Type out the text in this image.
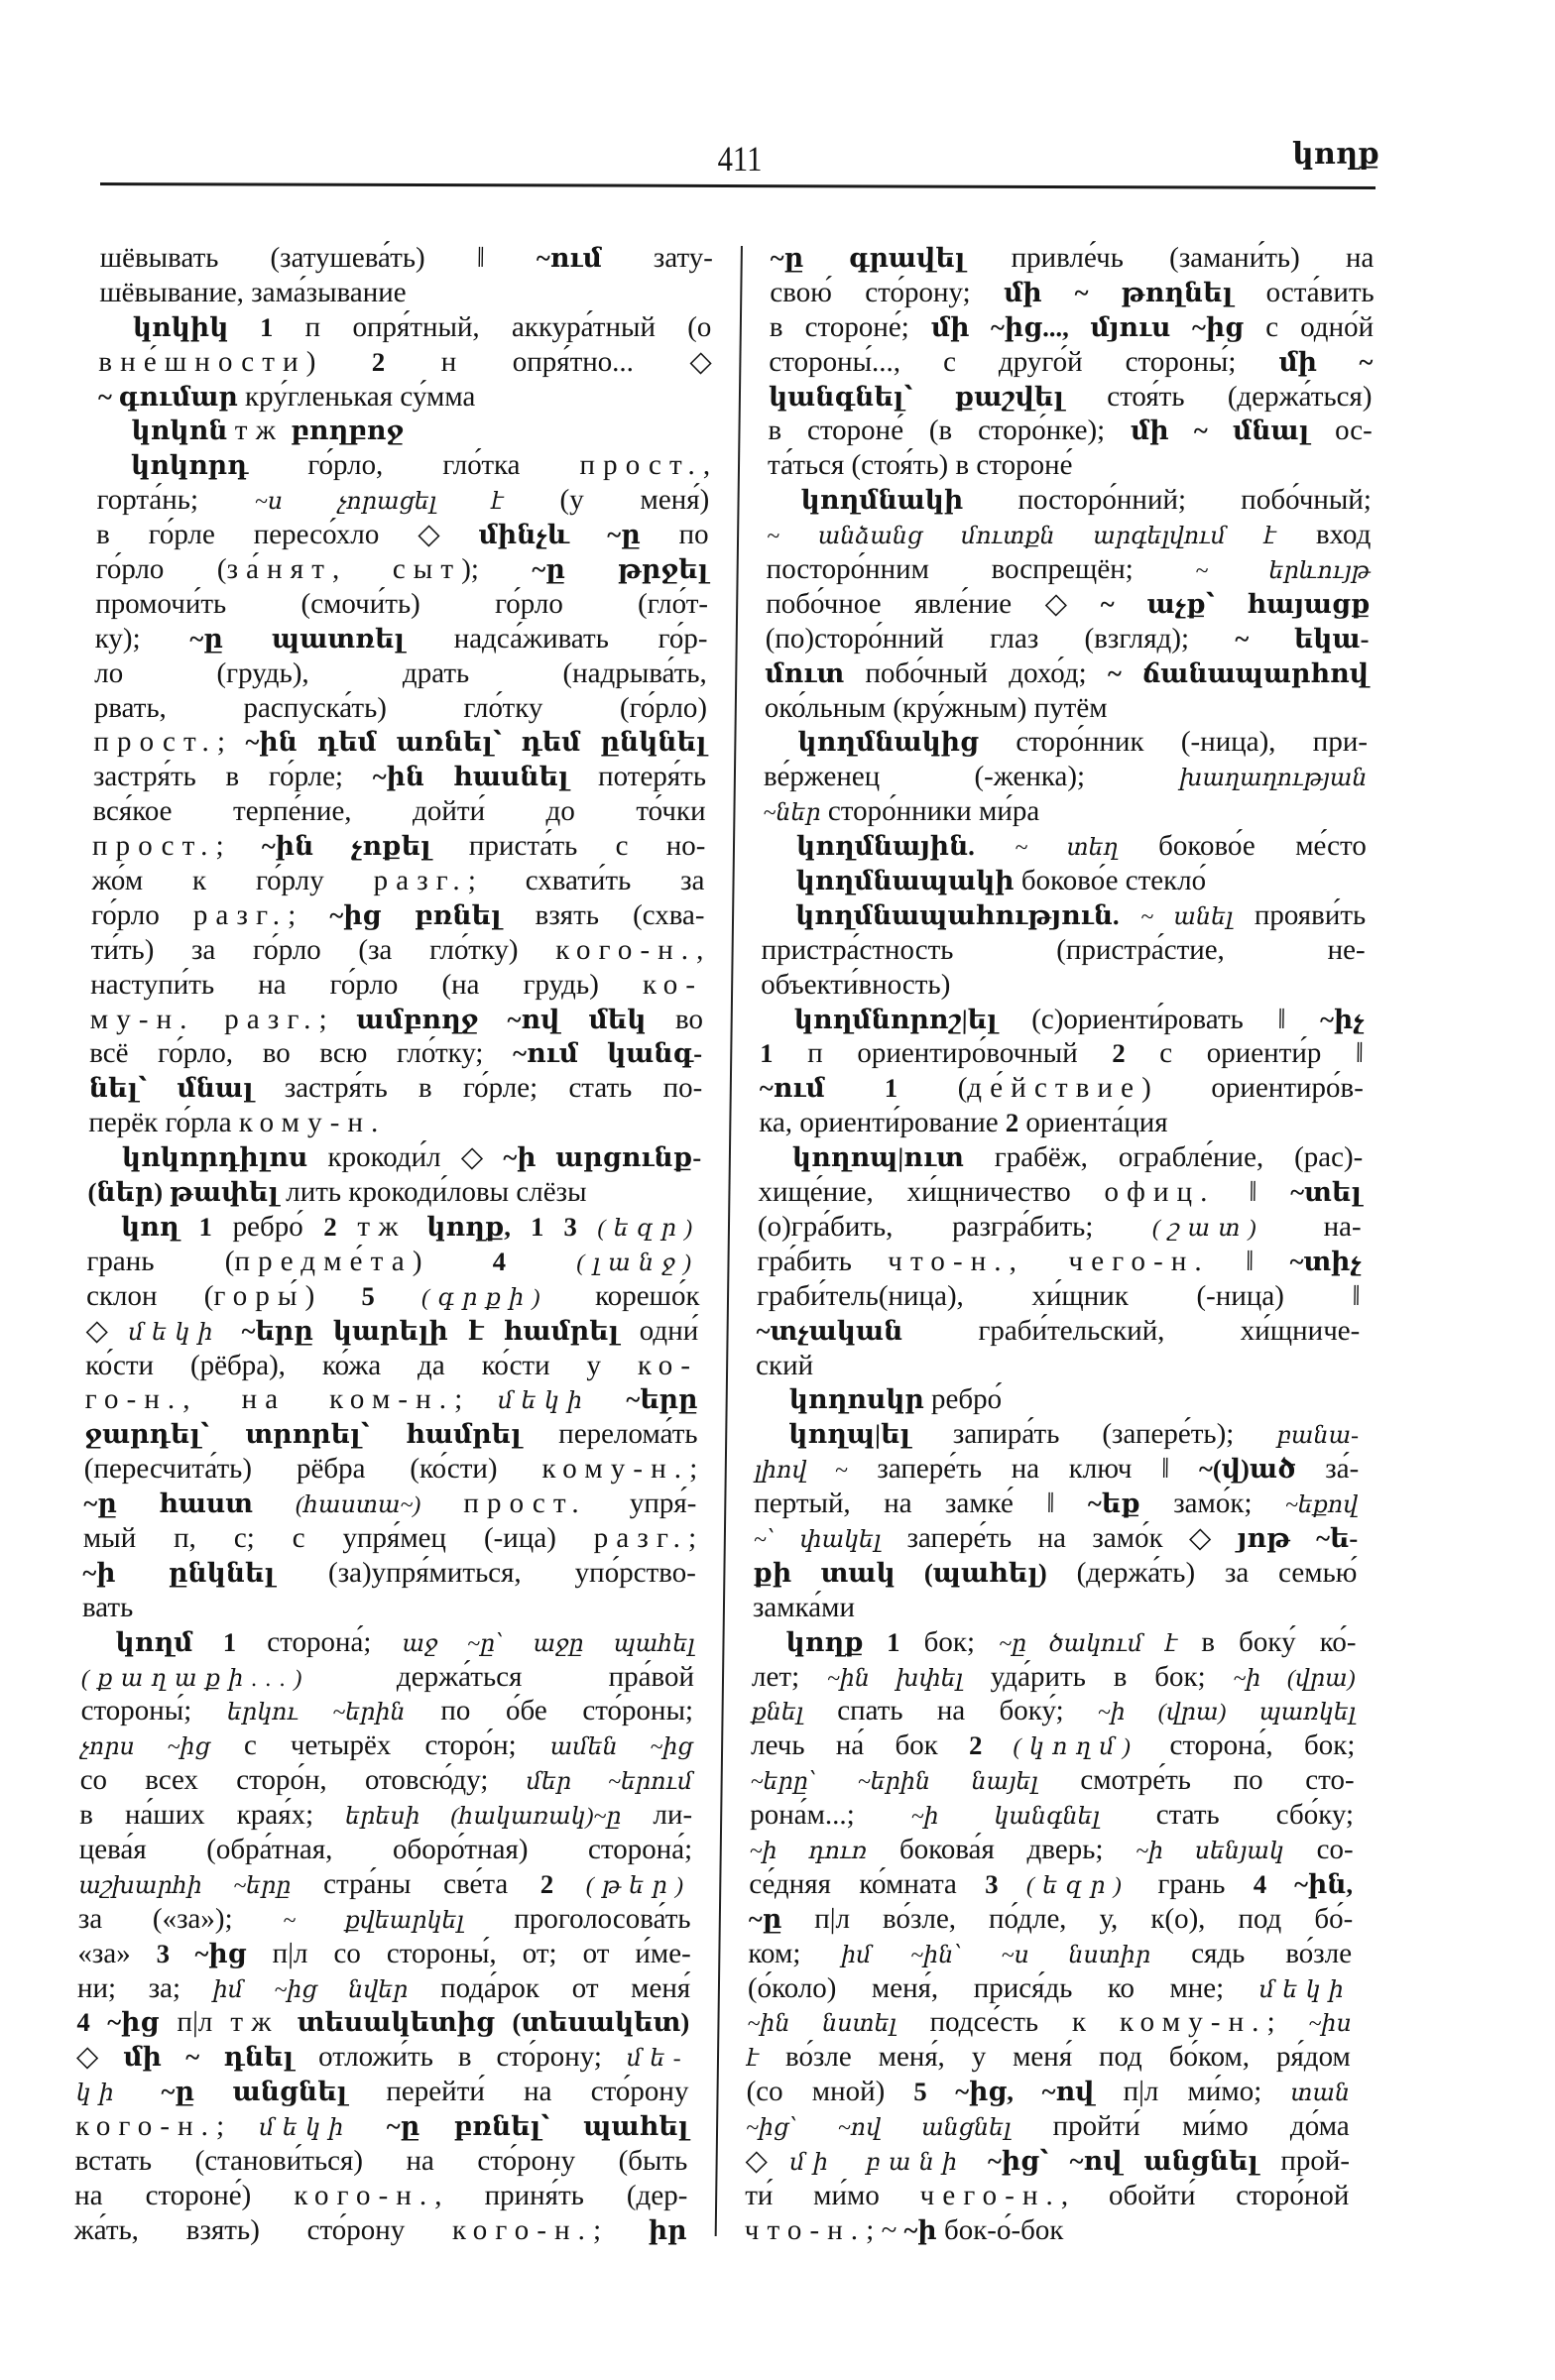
411	կողք
шёвывать (затушева́ть) ‖ ~ում зату-
шёвывание, зама́зывание
կոկիկ 1 п опря́тный, аккура́тный (о
вне́шности) 2 н опря́тно... ◇
~ գումար кру́гленькая су́мма
կոկոն тж բողբոջ
կոկորդ го́рло, гло́тка прост.,
горта́нь; ~ս չորացել է (у меня́)
в го́рле пересо́хло ◇ մինչև ~ը по
го́рло (за́нят, сыт); ~ը թրջել
промочи́ть (смочи́ть) го́рло (гло́т-
ку); ~ը պատռել надса́живать го́р-
ло (грудь), драть (надрыва́ть,
рвать, распуска́ть) гло́тку (го́рло)
прост.; ~ին դեմ առնել՝ դեմ ընկնել
застря́ть в го́рле; ~ին հասնել потеря́ть
вся́кое терпе́ние, дойти́ до то́чки
прост.; ~ին չոքել приста́ть с но-
жо́м к го́рлу разг.; схвати́ть за
го́рло разг.; ~ից բռնել взять (схва-
ти́ть) за го́рло (за гло́тку) кого-н.,
наступи́ть на го́рло (на грудь) ко-
му-н. разг.; ամբողջ ~ով մեկ во
всё го́рло, во всю гло́тку; ~ում կանգ-
նել՝ մնալ застря́ть в го́рле; стать по-
перёк го́рла кому-н.
կոկորդիլոս крокоди́л ◇ ~ի արցունք-
(ներ) թափել лить крокоди́ловы слёзы
կող 1 ребро́ 2 тж կողք, 1 3 (եզր)
грань (предме́та) 4	(լանջ)
склон (горы́) 5 (գրքի) корешо́к
◇ մեկի ~երը կարելի է համրել одни́
ко́сти (рёбра), ко́жа да ко́сти у ко-
го-н., на ком-н.; մեկի ~երը
ջարդել՝ տրորել՝ համրել перелома́ть
(пересчита́ть) рёбра (ко́сти) кому-н.;
~ը հաստ (հաստա~) прост. упря́-
мый п, с; с упря́мец (-ица) разг.;
~ի ընկնել (за)упря́миться, упо́рство-
вать
կողմ 1 сторона́; աջ ~ը՝ աջը պահել
(քաղաքի...) держа́ться пра́вой
стороны́; երկու ~երին по о́бе сто́роны;
չորս ~ից с четырёх сторо́н; ամեն ~ից
со всех сторо́н, отовсю́ду; մեր ~երում
в на́ших края́х; երեսի (հակառակ)~ը ли-
цева́я (обра́тная, оборо́тная) сторона́;
աշխարհի ~երը стра́ны све́та 2 (թեր)
за («за»); ~ քվեարկել проголосова́ть
«за» 3 ~ից п|л со стороны́, от; от и́ме-
ни; за; իմ ~ից նվեր пода́рок от меня́
4 ~ից п|л тж տեսակետից (տեսակետ)
◇ մի ~ դնել отложи́ть в сто́рону; մե-
կի ~ը անցնել перейти́ на сто́рону
кого-н.; մեկի ~ը բռնել՝ պահել
встать (станови́ться) на сто́рону (быть
на стороне́) кого-н., приня́ть (дер-
жа́ть, взять) сто́рону кого-н.; իր
~ը գրավել привле́чь (замани́ть) на
свою́ сто́рону; մի ~ թողնել оста́вить
в стороне́; մի ~ից..., մյուս ~ից с одно́й
стороны́..., с друго́й стороны́; մի ~
կանգնել՝ քաշվել стоя́ть (держа́ться)
в стороне́ (в сторо́нке); մի ~ մնալ ос-
та́ться (стоя́ть) в стороне́
կողմնակի посторо́нний; побо́чный;
~ անձանց մուտքն արգելվում է вход
посторо́нним воспрещён; ~ երևույթ
побо́чное явле́ние ◇ ~ աչք՝ հայացք
(по)сторо́нний глаз (взгляд); ~ եկա-
մուտ побо́чный дохо́д; ~ ճանապարհով
око́льным (кру́жным) путём
կողմնակից сторо́нник (-ница), при-
ве́рженец (-женка); խաղաղության
~ներ сторо́нники ми́ра
կողմնային. ~ տեղ боково́е ме́сто
կողմնապակի боково́е стекло́
կողմնապահություն. ~ անել прояви́ть
пристра́стность (пристра́стие, не-
объекти́вность)
կողմնորոշ|ել (с)ориенти́ровать ‖ ~իչ
1 п ориентиро́вочный 2 с ориенти́р ‖
~ում 1 (де́йствие) ориентиро́в-
ка, ориенти́рование 2 ориента́ция
կողոպ|ուտ грабёж, ограбле́ние, (рас)-
хище́ние, хи́щничество офиц. ‖ ~տել
(о)гра́бить, разгра́бить; (շատ) на-
гра́бить что-н., чего-н. ‖ ~տիչ
граби́тель(ница), хи́щник (-ница) ‖
~տչական граби́тельский, хи́щниче-
ский
կողոսկր ребро́
կողպ|ել запира́ть (запере́ть); բանա-
լիով ~ запере́ть на ключ ‖ ~(վ)ած за́-
пертый, на замке́ ‖ ~եք замо́к; ~եքով
~՝ փակել запере́ть на замо́к ◇ յոթ ~ե-
քի տակ (պահել) (держа́ть) за семью́
замка́ми
կողք 1 бок; ~ը ծակում է в боку́ ко́-
лет; ~ին խփել уда́рить в бок; ~ի (վրա)
քնել спать на боку́; ~ի (վրա) պառկել
лечь на́ бок 2 (կողմ) сторона́, бок;
~երը՝ ~երին նայել смотре́ть по сто-
рона́м...; ~ի կանգնել стать сбо́ку;
~ի դուռ бокова́я дверь; ~ի սենյակ со-
се́дняя ко́мната 3 (եզր) грань 4 ~ին,
~ը п|л во́зле, по́дле, у, к(о), под бо́-
ком; իմ ~ին՝ ~ս նստիր сядь во́зле
(о́коло) меня́, прися́дь ко мне; մեկի
~ին նստել подсе́сть к кому-н.; ~իս
է во́зле меня́, у меня́ под бо́ком, ря́дом
(со мной) 5 ~ից, ~ով п|л ми́мо; տան
~ից՝ ~ով անցնել пройти́ ми́мо до́ма
◇ մի բանի ~ից՝ ~ով անցնել прой-
ти́ ми́мо чего-н., обойти́ сторо́ной
что-н.; ~ ~ի бок-о́-бок
